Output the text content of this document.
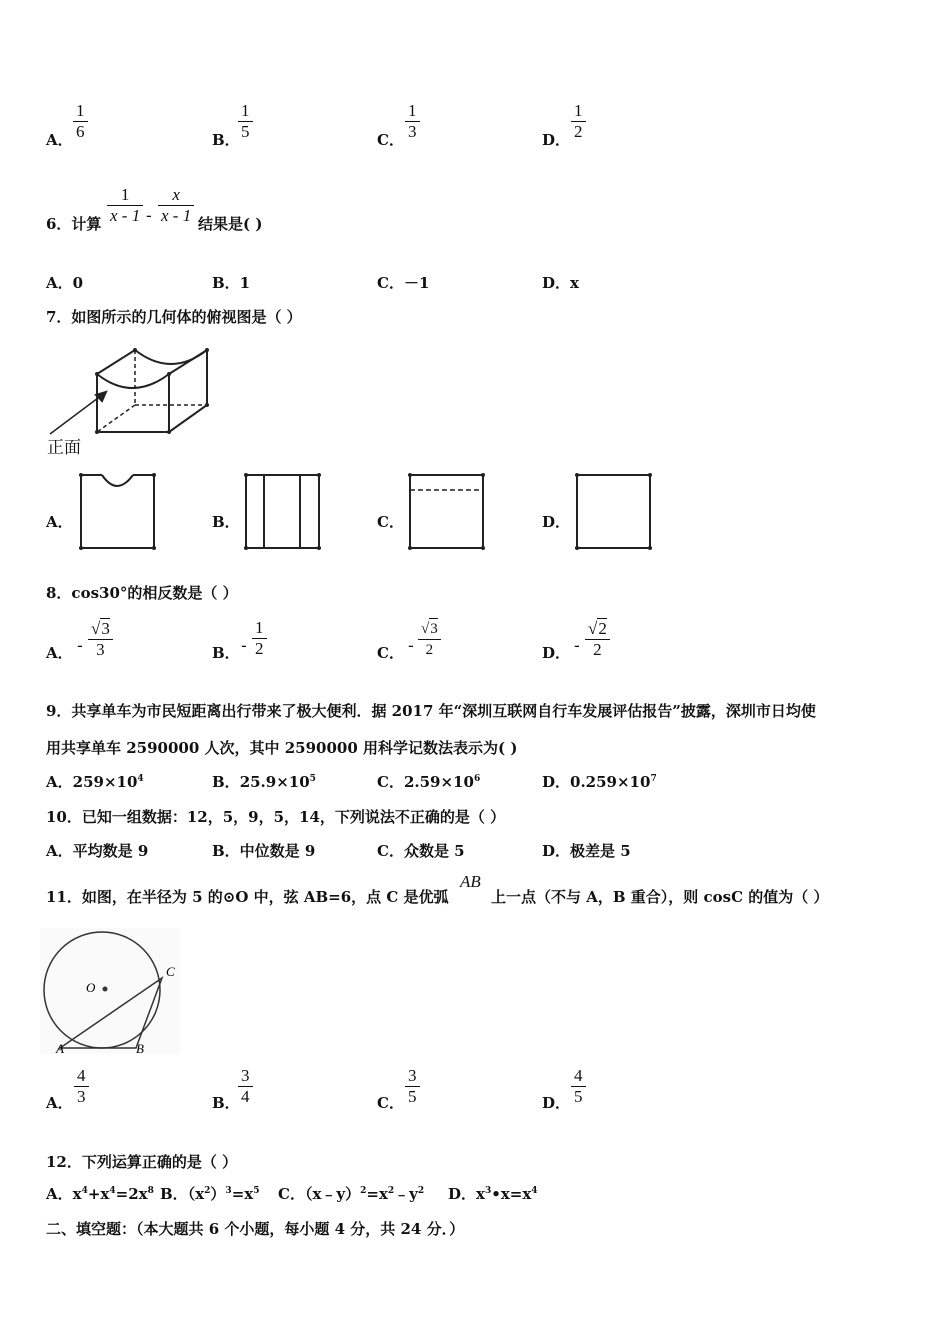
A． $\frac{1}{6}$	B．
$\frac{1}{5}$	C． $\frac{1}{3}$	D． $\frac{1}{2}$
6．计算 $\frac{1}{x - 1} - \frac{x}{x - 1}$ 结果是( )
A．0	B．1	C．－1	D．x
7．如图所示的几何体的俯视图是（ ）
正面
A．	B．	C．	D．
8．cos30°的相反数是（ ）
A． - $\frac{√3}{3}$	B． - $\frac{1}{2}$	C． - $\frac{√3}{2}$	D． - $\frac{√2}{2}$
9．共享单车为市民短距离出行带来了极大便利．据 2017 年“深圳互联网自行车发展评估报告”披露，深圳市日均使
用共享单车 2590000 人次，其中 2590000 用科学记数法表示为( )
A．$259\times 10^4$	B．$25.9\times 10^5$	C．$2.59\times 10^6$	D．$0.259\times 10^7$
10．已知一组数据：12，5，9，5，14，下列说法不正确的是（ ）
A．平均数是 9	B．中位数是 9	C．众数是 5	D．极差是 5
11．如图，在半径为 5 的⊙O 中，弦 AB=6，点 C 是优弧
AB
上一点（不与 A，B 重合），则 cosC 的值为（ ）
O
A	B
C
A． $\frac{4}{3}$	B．
$\frac{3}{4}$	C． $\frac{3}{5}$	D． $\frac{4}{5}$
12．下列运算正确的是（ ）
A．$x^4+x^4=2x^8$ B．$(x^2)^3=x^5$ C．$(x﹣y)^2=x^2﹣y^2$ D．$x^3•x=x^4$
二、填空题：（本大题共 6 个小题，每小题 4 分，共 24 分．）
